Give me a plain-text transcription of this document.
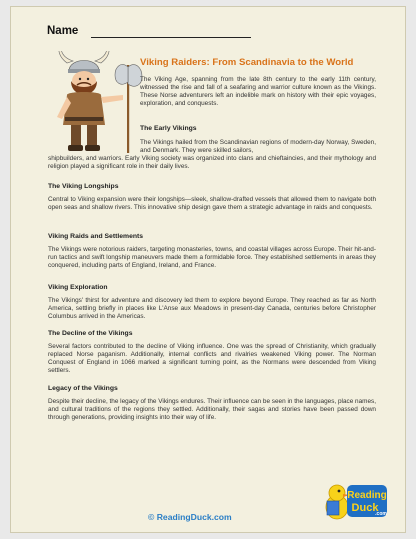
Name
Viking Raiders: From Scandinavia to the World
The Viking Age, spanning from the late 8th century to the early 11th century, witnessed the rise and fall of a seafaring and warrior culture known as the Vikings. These Norse adventurers left an indelible mark on history with their epic voyages, exploration, and conquests.
The Early Vikings
The Vikings hailed from the Scandinavian regions of modern-day Norway, Sweden, and Denmark. They were skilled sailors,
shipbuilders, and warriors. Early Viking society was organized into clans and chieftaincies, and their mythology and religion played a significant role in their daily lives.
The Viking Longships
Central to Viking expansion were their longships—sleek, shallow-drafted vessels that allowed them to navigate both open seas and shallow rivers. This innovative ship design gave them a strategic advantage in raids and conquests.
Viking Raids and Settlements
The Vikings were notorious raiders, targeting monasteries, towns, and coastal villages across Europe. Their hit-and-run tactics and swift longship maneuvers made them a formidable force. They established settlements in areas they conquered, including parts of England, Ireland, and France.
Viking Exploration
The Vikings' thirst for adventure and discovery led them to explore beyond Europe. They reached as far as North America, settling briefly in places like L'Anse aux Meadows in present-day Canada, centuries before Christopher Columbus arrived in the Americas.
The Decline of the Vikings
Several factors contributed to the decline of Viking influence. One was the spread of Christianity, which gradually replaced Norse paganism. Additionally, internal conflicts and rivalries weakened Viking power. The Norman Conquest of England in 1066 marked a significant turning point, as the Normans were descended from Viking settlers.
Legacy of the Vikings
Despite their decline, the legacy of the Vikings endures. Their influence can be seen in the languages, place names, and cultural traditions of the regions they settled. Additionally, their sagas and stories have been passed down through generations, providing insights into their way of life.
© ReadingDuck.com
Reading
Duck
.com
